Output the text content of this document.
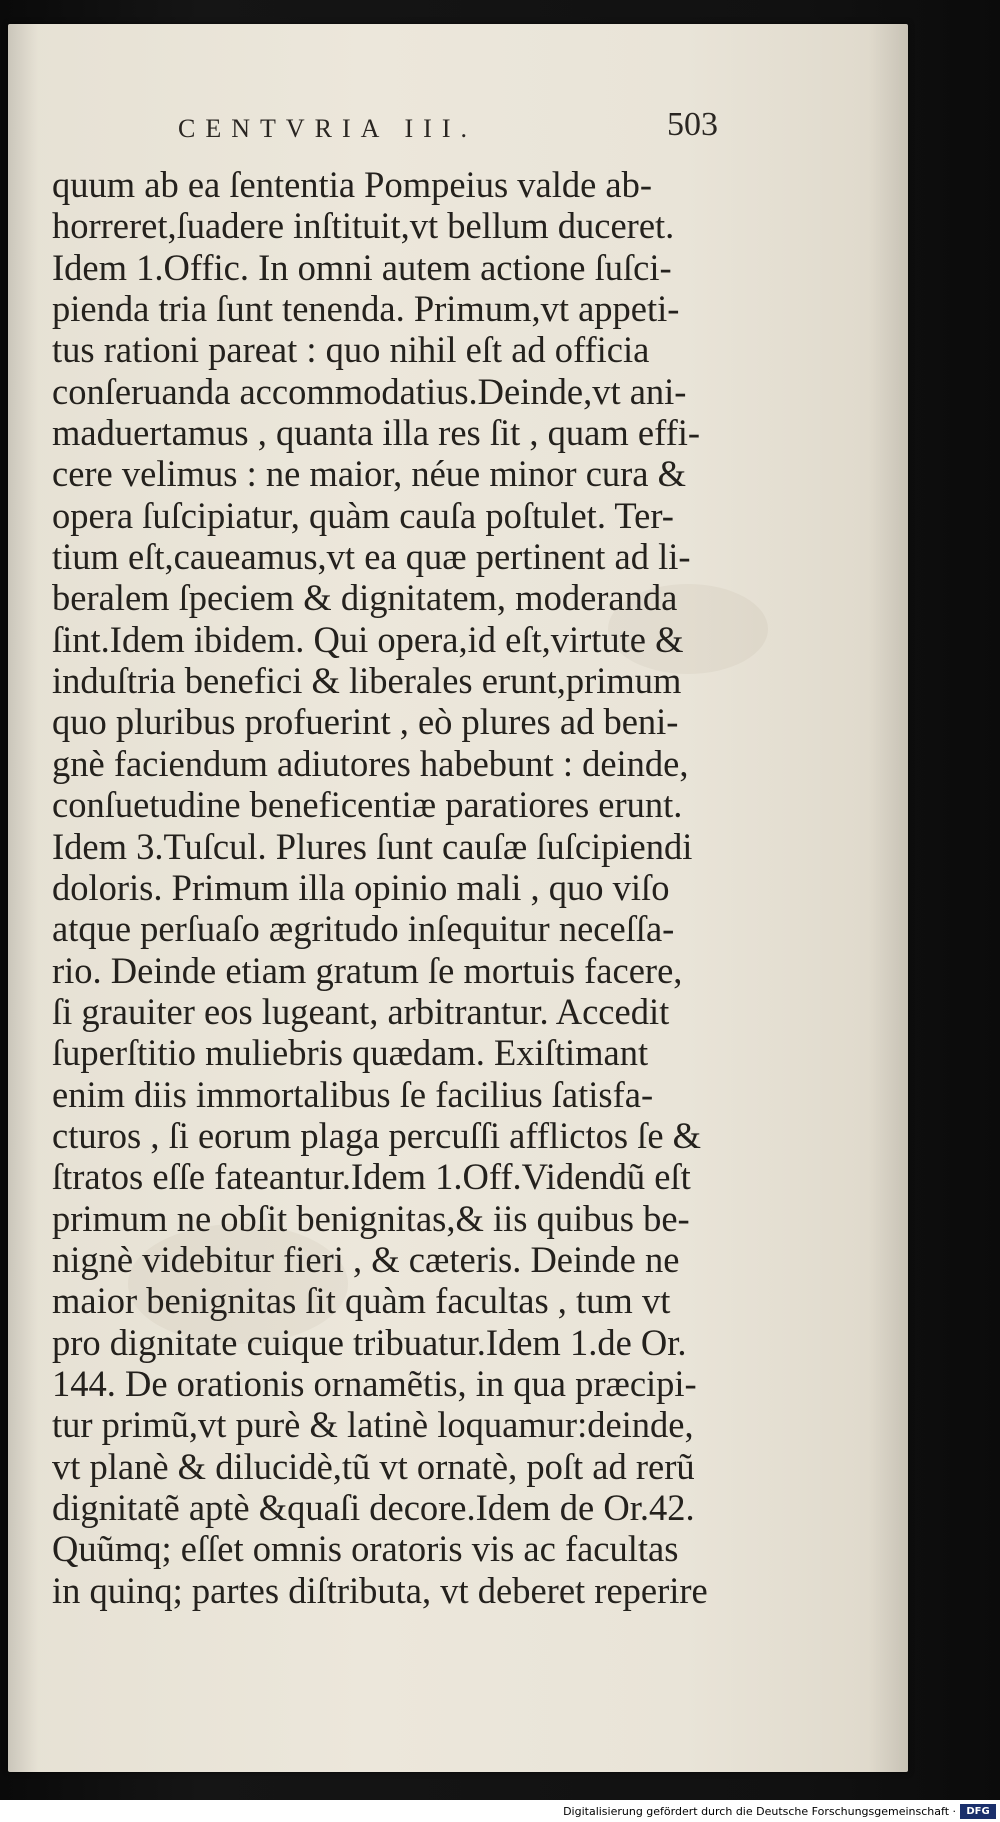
CENTVRIA III.	503
quum ab ea ſententia Pompeius valde ab-
horreret,ſuadere inſtituit,vt bellum duceret.
Idem 1.Offic. In omni autem actione ſuſci-
pienda tria ſunt tenenda. Primum,vt appeti-
tus rationi pareat : quo nihil eſt ad officia
conſeruanda accommodatius.Deinde,vt ani-
maduertamus , quanta illa res ſit , quam effi-
cere velimus : ne maior, néue minor cura &
opera ſuſcipiatur, quàm cauſa poſtulet. Ter-
tium eſt,caueamus,vt ea quæ pertinent ad li-
beralem ſpeciem & dignitatem, moderanda
ſint.Idem ibidem. Qui opera,id eſt,virtute &
induſtria benefici & liberales erunt,primum
quo pluribus profuerint , eò plures ad beni-
gnè faciendum adiutores habebunt : deinde,
conſuetudine beneficentiæ paratiores erunt.
Idem 3.Tuſcul. Plures ſunt cauſæ ſuſcipiendi
doloris. Primum illa opinio mali , quo viſo
atque perſuaſo ægritudo inſequitur neceſſa-
rio. Deinde etiam gratum ſe mortuis facere,
ſi grauiter eos lugeant, arbitrantur. Accedit
ſuperſtitio muliebris quædam. Exiſtimant
enim diis immortalibus ſe facilius ſatisfa-
cturos , ſi eorum plaga percuſſi afflictos ſe &
ſtratos eſſe fateantur.Idem 1.Off.Videndũ eſt
primum ne obſit benignitas,& iis quibus be-
nignè videbitur fieri , & cæteris. Deinde ne
maior benignitas ſit quàm facultas , tum vt
pro dignitate cuique tribuatur.Idem 1.de Or.
144. De orationis ornamẽtis, in qua præcipi-
tur primũ,vt purè & latinè loquamur:deinde,
vt planè & dilucidè,tũ vt ornatè, poſt ad rerũ
dignitatẽ aptè &quaſi decore.Idem de Or.42.
Quũmq; eſſet omnis oratoris vis ac facultas
in quinq; partes diſtributa, vt deberet reperire
Digitalisierung gefördert durch die Deutsche Forschungsgemeinschaft ·	DFG
